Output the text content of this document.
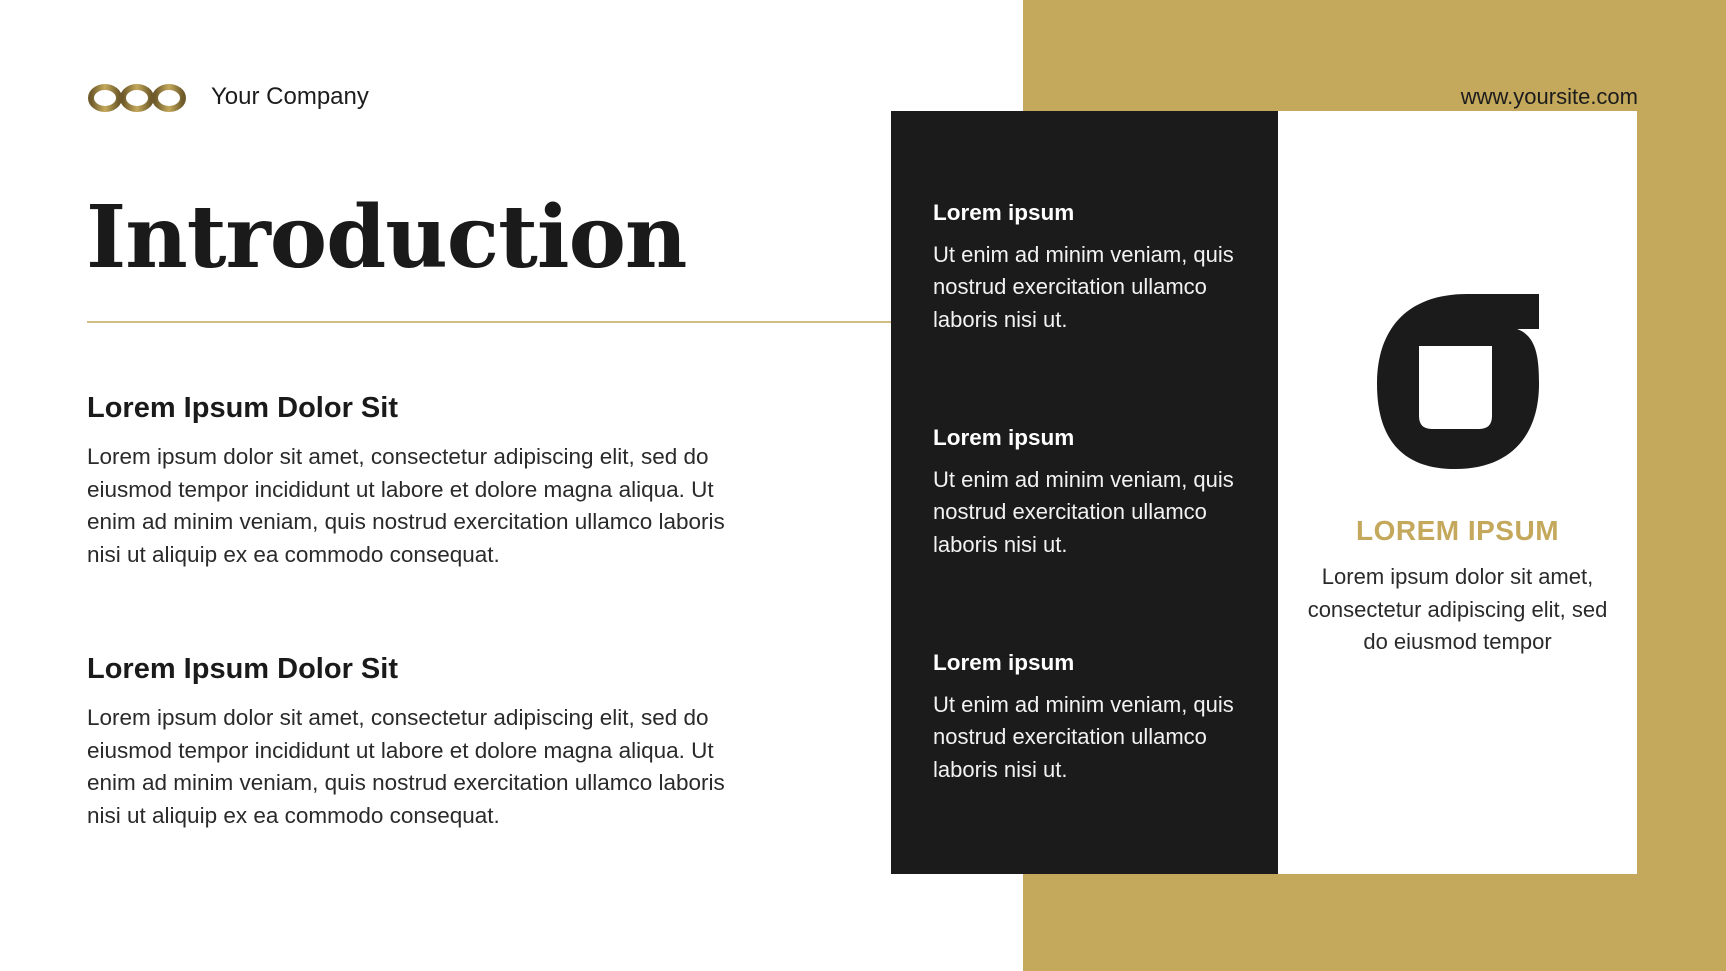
Your Company	www.yoursite.com
Introduction
Lorem Ipsum Dolor Sit

Lorem ipsum dolor sit amet, consectetur adipiscing elit, sed do eiusmod tempor incididunt ut labore et dolore magna aliqua. Ut enim ad minim veniam, quis nostrud exercitation ullamco laboris nisi ut aliquip ex ea commodo consequat.

Lorem Ipsum Dolor Sit

Lorem ipsum dolor sit amet, consectetur adipiscing elit, sed do eiusmod tempor incididunt ut labore et dolore magna aliqua. Ut enim ad minim veniam, quis nostrud exercitation ullamco laboris nisi ut aliquip ex ea commodo consequat.

Lorem ipsum

Ut enim ad minim veniam, quis nostrud exercitation ullamco laboris nisi ut.

Lorem ipsum

Ut enim ad minim veniam, quis nostrud exercitation ullamco laboris nisi ut.

Lorem ipsum

Ut enim ad minim veniam, quis nostrud exercitation ullamco laboris nisi ut.

LOREM IPSUM

Lorem ipsum dolor sit amet, consectetur adipiscing elit, sed do eiusmod tempor
